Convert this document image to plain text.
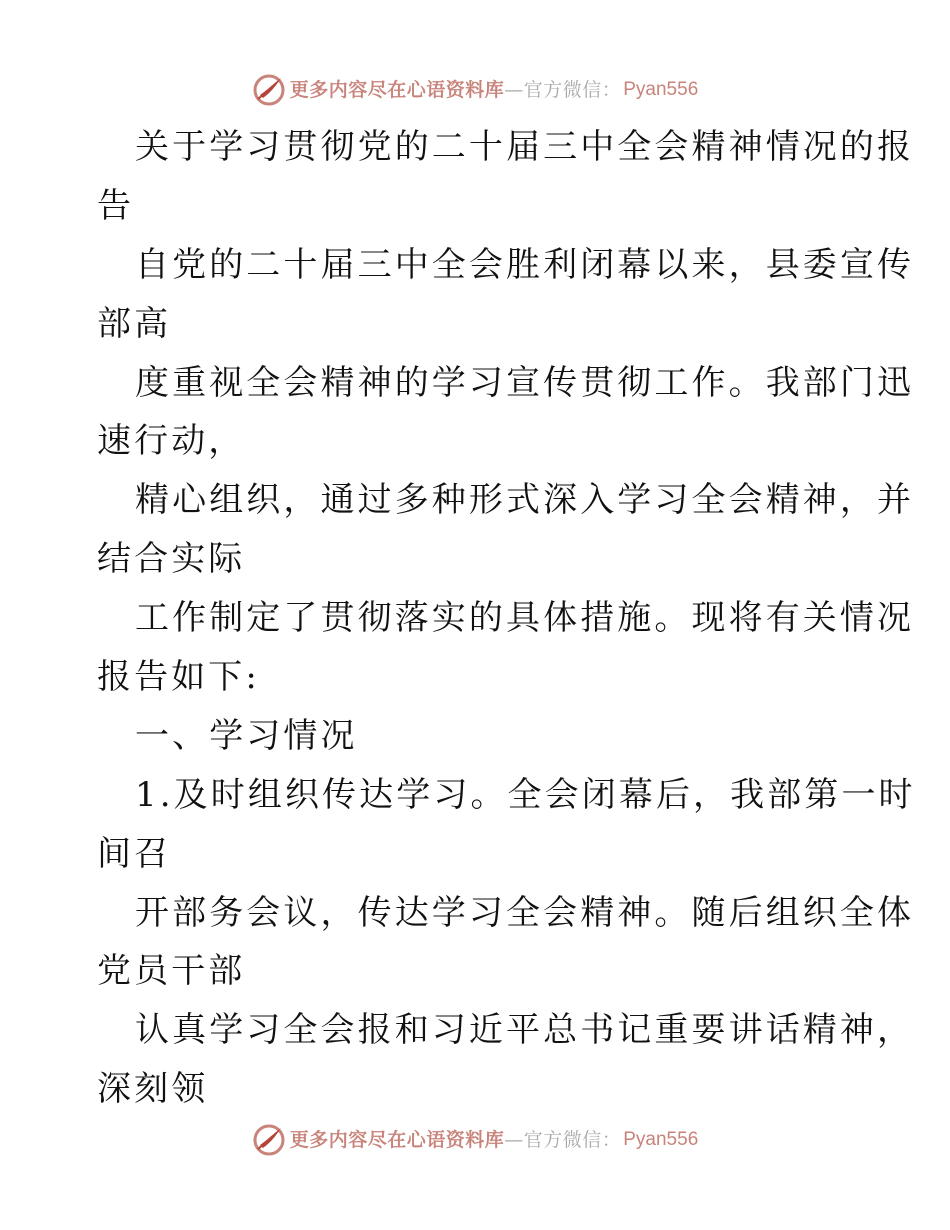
更多内容尽在心语资料库 —官方微信： Pyan556
关于学习贯彻党的二十届三中全会精神情况的报
告
自党的二十届三中全会胜利闭幕以来，县委宣传
部高
度重视全会精神的学习宣传贯彻工作。我部门迅
速行动，
精心组织，通过多种形式深入学习全会精神，并
结合实际
工作制定了贯彻落实的具体措施。现将有关情况
报告如下:
一、学习情况
1.及时组织传达学习。全会闭幕后，我部第一时
间召
开部务会议，传达学习全会精神。随后组织全体
党员干部
认真学习全会报和习近平总书记重要讲话精神，
深刻领
更多内容尽在心语资料库 —官方微信： Pyan556
